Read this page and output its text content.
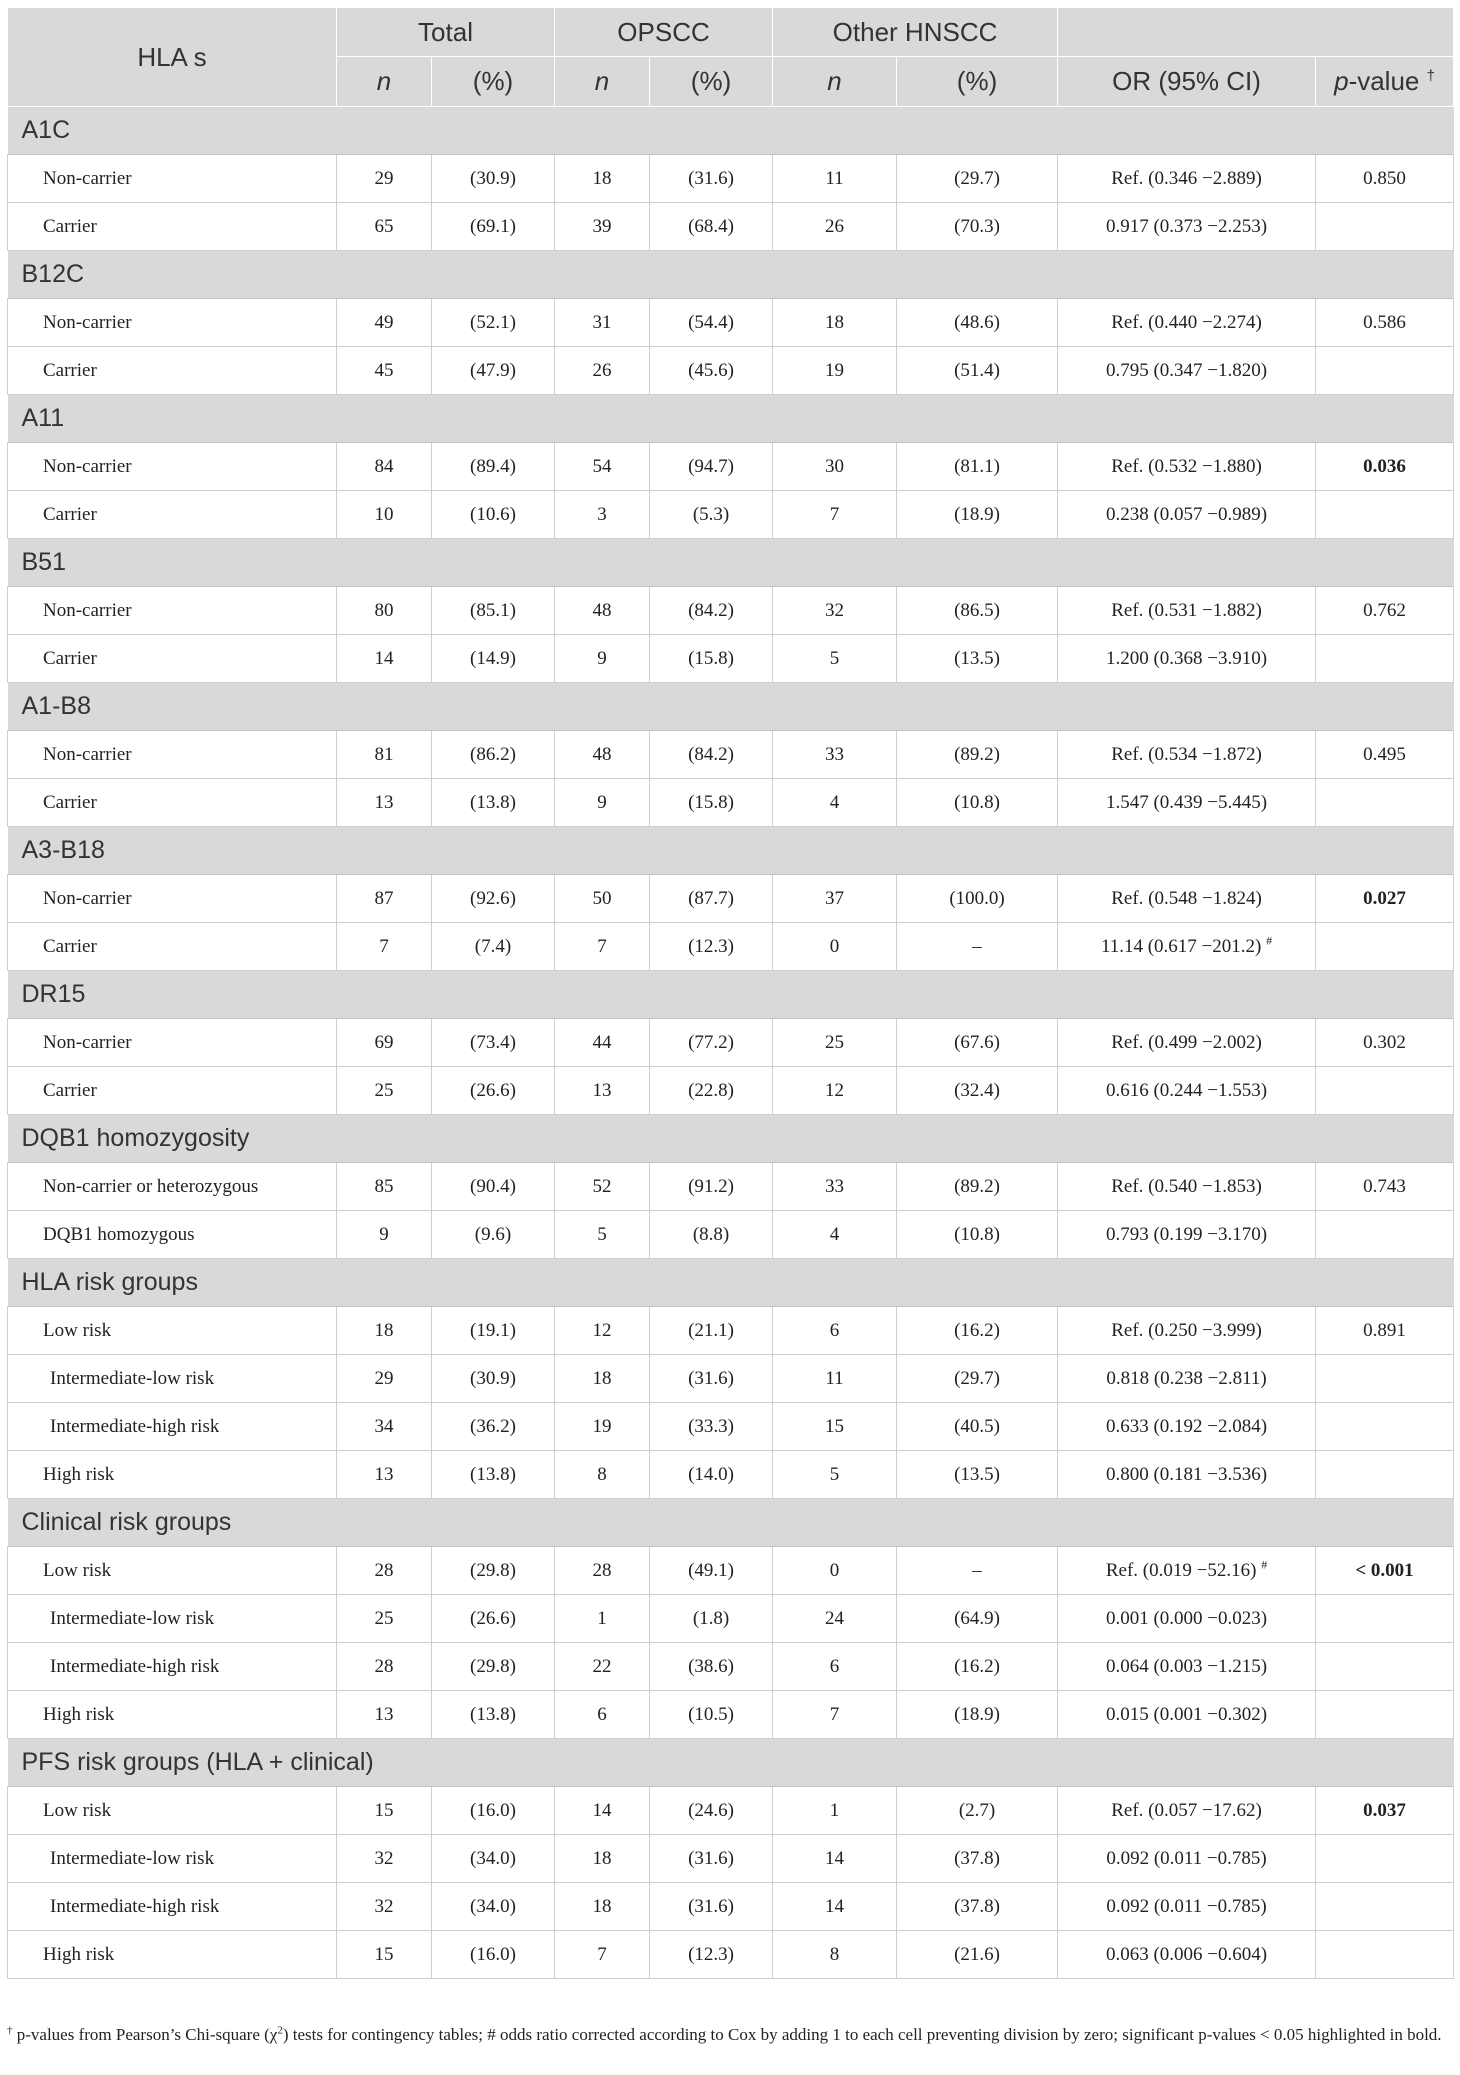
HLA s	Total		OPSCC		Other HNSCC			
	n	(%)	n	(%)	n	(%)	OR (95% CI)	p-value †
A1C								
Non-carrier	29	(30.9)	18	(31.6)	11	(29.7)	Ref. (0.346 −2.889)	0.850
Carrier	65	(69.1)	39	(68.4)	26	(70.3)	0.917 (0.373 −2.253)	
B12C								
Non-carrier	49	(52.1)	31	(54.4)	18	(48.6)	Ref. (0.440 −2.274)	0.586
Carrier	45	(47.9)	26	(45.6)	19	(51.4)	0.795 (0.347 −1.820)	
A11								
Non-carrier	84	(89.4)	54	(94.7)	30	(81.1)	Ref. (0.532 −1.880)	0.036
Carrier	10	(10.6)	3	(5.3)	7	(18.9)	0.238 (0.057 −0.989)	
B51								
Non-carrier	80	(85.1)	48	(84.2)	32	(86.5)	Ref. (0.531 −1.882)	0.762
Carrier	14	(14.9)	9	(15.8)	5	(13.5)	1.200 (0.368 −3.910)	
A1-B8								
Non-carrier	81	(86.2)	48	(84.2)	33	(89.2)	Ref. (0.534 −1.872)	0.495
Carrier	13	(13.8)	9	(15.8)	4	(10.8)	1.547 (0.439 −5.445)	
A3-B18								
Non-carrier	87	(92.6)	50	(87.7)	37	(100.0)	Ref. (0.548 −1.824)	0.027
Carrier	7	(7.4)	7	(12.3)	0	–	11.14 (0.617 −201.2) #	
DR15								
Non-carrier	69	(73.4)	44	(77.2)	25	(67.6)	Ref. (0.499 −2.002)	0.302
Carrier	25	(26.6)	13	(22.8)	12	(32.4)	0.616 (0.244 −1.553)	
DQB1 homozygosity								
Non-carrier or heterozygous	85	(90.4)	52	(91.2)	33	(89.2)	Ref. (0.540 −1.853)	0.743
DQB1 homozygous	9	(9.6)	5	(8.8)	4	(10.8)	0.793 (0.199 −3.170)	
HLA risk groups								
Low risk	18	(19.1)	12	(21.1)	6	(16.2)	Ref. (0.250 −3.999)	0.891
Intermediate-low risk	29	(30.9)	18	(31.6)	11	(29.7)	0.818 (0.238 −2.811)	
Intermediate-high risk	34	(36.2)	19	(33.3)	15	(40.5)	0.633 (0.192 −2.084)	
High risk	13	(13.8)	8	(14.0)	5	(13.5)	0.800 (0.181 −3.536)	
Clinical risk groups								
Low risk	28	(29.8)	28	(49.1)	0	–	Ref. (0.019 −52.16) #	< 0.001
Intermediate-low risk	25	(26.6)	1	(1.8)	24	(64.9)	0.001 (0.000 −0.023)	
Intermediate-high risk	28	(29.8)	22	(38.6)	6	(16.2)	0.064 (0.003 −1.215)	
High risk	13	(13.8)	6	(10.5)	7	(18.9)	0.015 (0.001 −0.302)	
PFS risk groups (HLA + clinical)								
Low risk	15	(16.0)	14	(24.6)	1	(2.7)	Ref. (0.057 −17.62)	0.037
Intermediate-low risk	32	(34.0)	18	(31.6)	14	(37.8)	0.092 (0.011 −0.785)	
Intermediate-high risk	32	(34.0)	18	(31.6)	14	(37.8)	0.092 (0.011 −0.785)	
High risk	15	(16.0)	7	(12.3)	8	(21.6)	0.063 (0.006 −0.604)	
† p-values from Pearson’s Chi-square $(\chi^2)$ tests for contingency tables; # odds ratio corrected according to Cox by adding 1 to each cell preventing division by zero; significant p-values < 0.05 highlighted in bold.
